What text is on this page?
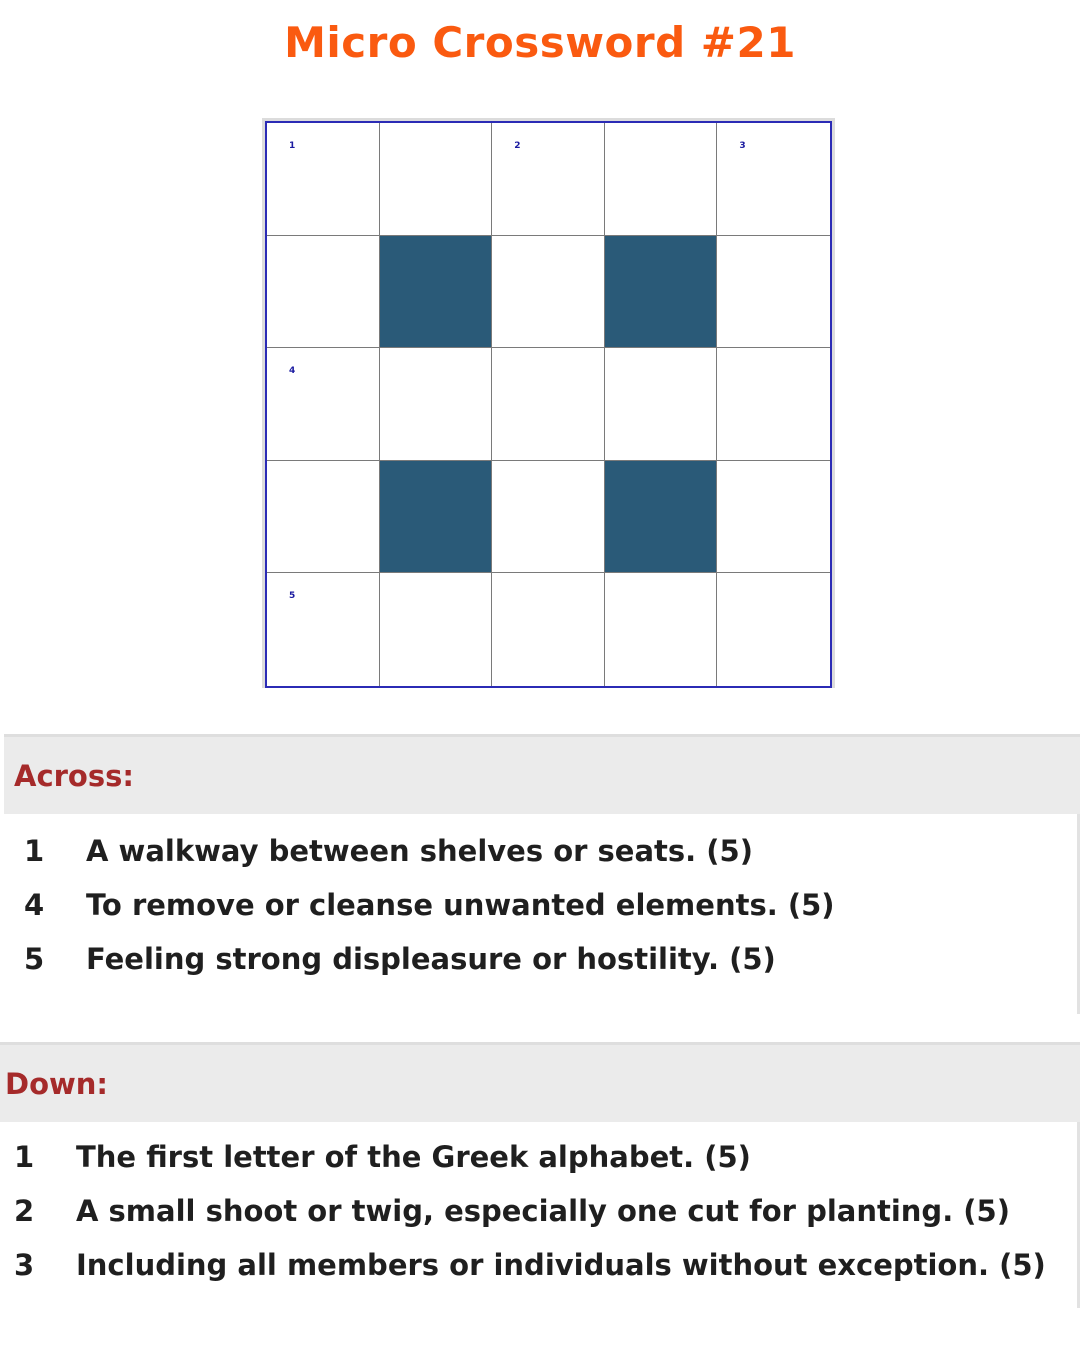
Micro Crossword #21
1	2	3
4
5
Across:
1 A walkway between shelves or seats. (5)
4 To remove or cleanse unwanted elements. (5)
5 Feeling strong displeasure or hostility. (5)
Down:
1 The first letter of the Greek alphabet. (5)
2 A small shoot or twig, especially one cut for planting. (5)
3 Including all members or individuals without exception. (5)
